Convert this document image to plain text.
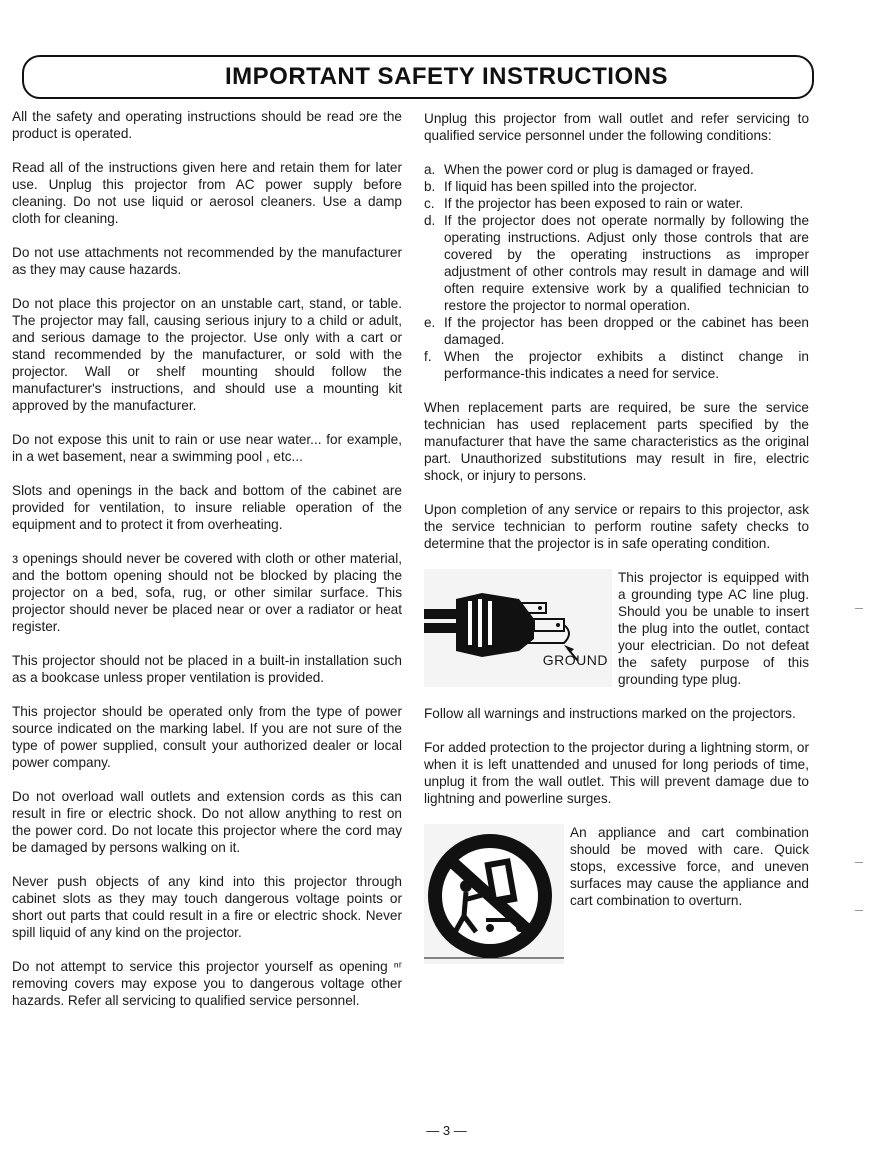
IMPORTANT SAFETY INSTRUCTIONS

All the safety and operating instructions should be read ɔre the product is operated.

Read all of the instructions given here and retain them for later use. Unplug this projector from AC power supply before cleaning. Do not use liquid or aerosol cleaners. Use a damp cloth for cleaning.

Do not use attachments not recommended by the manufacturer as they may cause hazards.

Do not place this projector on an unstable cart, stand, or table. The projector may fall, causing serious injury to a child or adult, and serious damage to the projector. Use only with a cart or stand recommended by the manufacturer, or sold with the projector. Wall or shelf mounting should follow the manufacturer's instructions, and should use a mounting kit approved by the manufacturer.

Do not expose this unit to rain or use near water... for example, in a wet basement, near a swimming pool , etc...

Slots and openings in the back and bottom of the cabinet are provided for ventilation, to insure reliable operation of the equipment and to protect it from overheating.

з openings should never be covered with cloth or other material, and the bottom opening should not be blocked by placing the projector on a bed, sofa, rug, or other similar surface. This projector should never be placed near or over a radiator or heat register.

This projector should not be placed in a built-in installation such as a bookcase unless proper ventilation is provided.

This projector should be operated only from the type of power source indicated on the marking label. If you are not sure of the type of power supplied, consult your authorized dealer or local power company.

Do not overload wall outlets and extension cords as this can result in fire or electric shock. Do not allow anything to rest on the power cord. Do not locate this projector where the cord may be damaged by persons walking on it.

Never push objects of any kind into this projector through cabinet slots as they may touch dangerous voltage points or short out parts that could result in a fire or electric shock. Never spill liquid of any kind on the projector.

Do not attempt to service this projector yourself as opening ⁿʳ removing covers may expose you to dangerous voltage other hazards. Refer all servicing to qualified service personnel.

Unplug this projector from wall outlet and refer servicing to qualified service personnel under the following conditions:

a. When the power cord or plug is damaged or frayed.
b. If liquid has been spilled into the projector.
c. If the projector has been exposed to rain or water.
d. If the projector does not operate normally by following the operating instructions. Adjust only those controls that are covered by the operating instructions as improper adjustment of other controls may result in damage and will often require extensive work by a qualified technician to restore the projector to normal operation.
e. If the projector has been dropped or the cabinet has been damaged.
f. When the projector exhibits a distinct change in performance-this indicates a need for service.

When replacement parts are required, be sure the service technician has used replacement parts specified by the manufacturer that have the same characteristics as the original part. Unauthorized substitutions may result in fire, electric shock, or injury to persons.

Upon completion of any service or repairs to this projector, ask the service technician to perform routine safety checks to determine that the projector is in safe operating condition.

GROUND
This projector is equipped with a grounding type AC line plug. Should you be unable to insert the plug into the outlet, contact your electrician. Do not defeat the safety purpose of this grounding type plug.

Follow all warnings and instructions marked on the projectors.

For added protection to the projector during a lightning storm, or when it is left unattended and unused for long periods of time, unplug it from the wall outlet. This will prevent damage due to lightning and powerline surges.

An appliance and cart combination should be moved with care. Quick stops, excessive force, and uneven surfaces may cause the appliance and cart combination to overturn.
— 3 —
